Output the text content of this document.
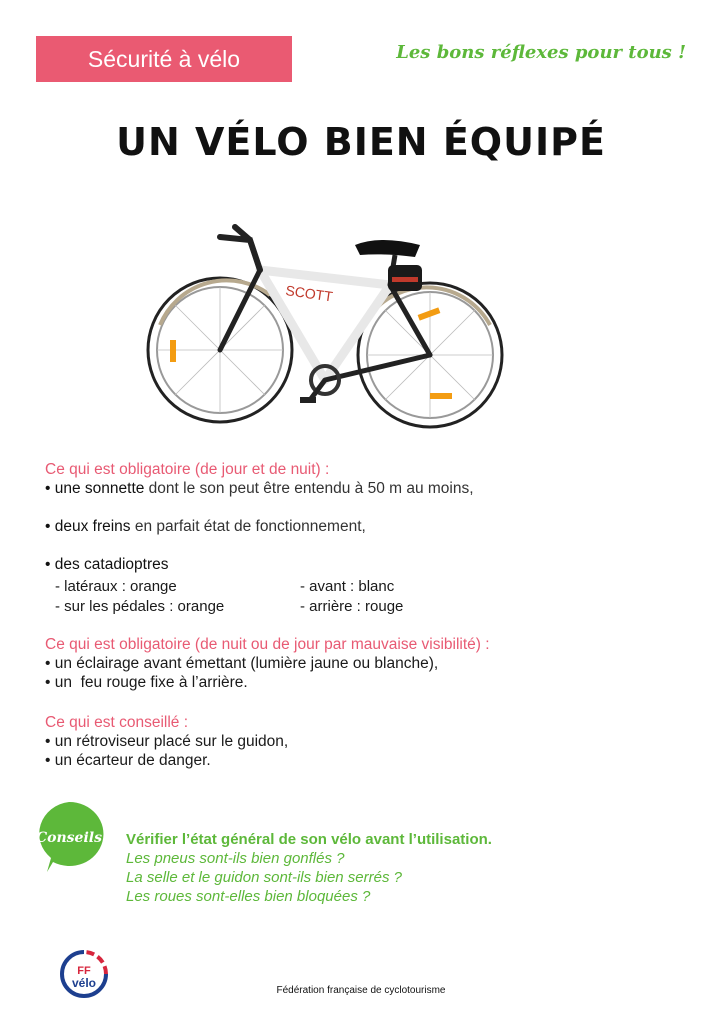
Sécurité à vélo	Les bons réflexes pour tous !
UN VÉLO BIEN ÉQUIPÉ
SCOTT
Ce qui est obligatoire (de jour et de nuit) :
• une sonnette dont le son peut être entendu à 50 m au moins,
• deux freins en parfait état de fonctionnement,
• des catadioptres
- latéraux : orange
- sur les pédales : orange
- avant : blanc
- arrière : rouge
Ce qui est obligatoire (de nuit ou de jour par mauvaise visibilité) :
• un éclairage avant émettant (lumière jaune ou blanche),
• un  feu rouge fixe à l’arrière.
Ce qui est conseillé :
• un rétroviseur placé sur le guidon,
• un écarteur de danger.
Conseils Vérifier l’état général de son vélo avant l’utilisation.
Les pneus sont-ils bien gonflés ?
La selle et le guidon sont-ils bien serrés ?
Les roues sont-elles bien bloquées ?
FF
vélo
Fédération française de cyclotourisme
